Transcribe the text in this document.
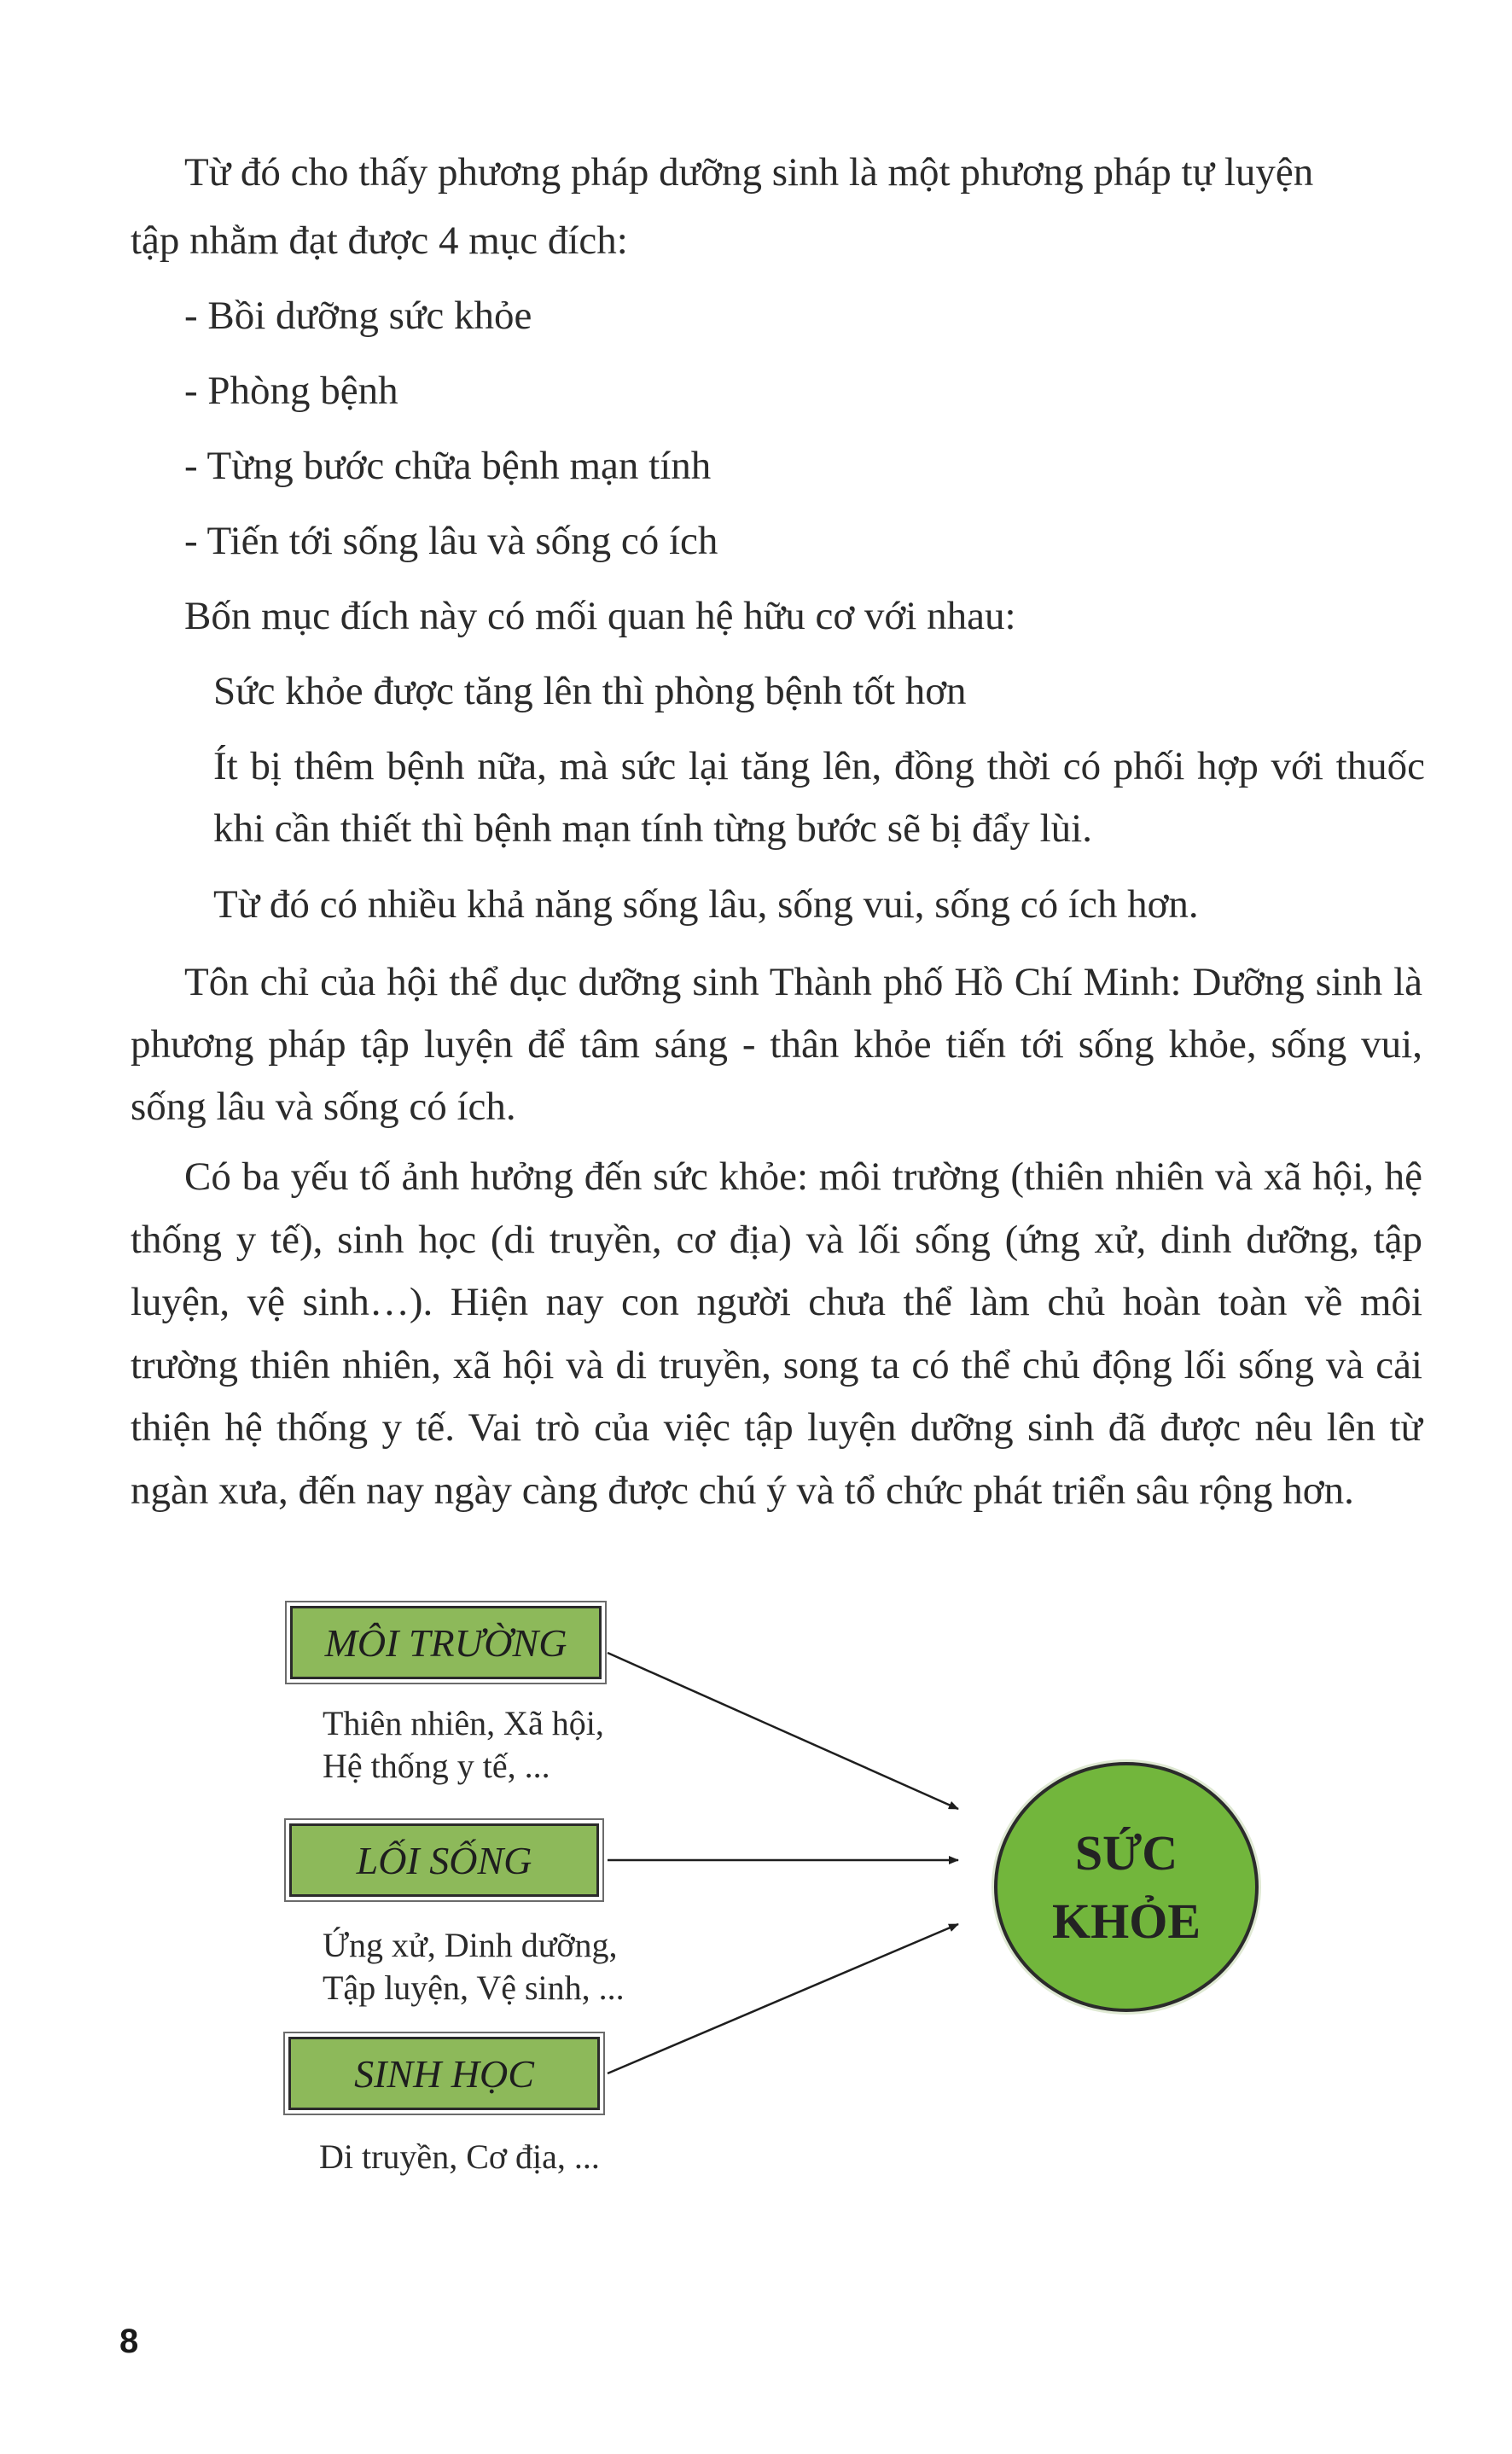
Từ đó cho thấy phương pháp dưỡng sinh là một phương pháp tự luyện

tập nhằm đạt được 4 mục đích:

- Bồi dưỡng sức khỏe

- Phòng bệnh

- Từng bước chữa bệnh mạn tính

- Tiến tới sống lâu và sống có ích

Bốn mục đích này có mối quan hệ hữu cơ với nhau:

Sức khỏe được tăng lên thì phòng bệnh tốt hơn

Ít bị thêm bệnh nữa, mà sức lại tăng lên, đồng thời có phối hợp với thuốc khi cần thiết thì bệnh mạn tính từng bước sẽ bị đẩy lùi.

Từ đó có nhiều khả năng sống lâu, sống vui, sống có ích hơn.

Tôn chỉ của hội thể dục dưỡng sinh Thành phố Hồ Chí Minh: Dưỡng sinh là phương pháp tập luyện để tâm sáng - thân khỏe tiến tới sống khỏe, sống vui, sống lâu và sống có ích.

Có ba yếu tố ảnh hưởng đến sức khỏe: môi trường (thiên nhiên và xã hội, hệ thống y tế), sinh học (di truyền, cơ địa) và lối sống (ứng xử, dinh dưỡng, tập luyện, vệ sinh…). Hiện nay con người chưa thể làm chủ hoàn toàn về môi trường thiên nhiên, xã hội và di truyền, song ta có thể chủ động lối sống và cải thiện hệ thống y tế. Vai trò của việc tập luyện dưỡng sinh đã được nêu lên từ ngàn xưa, đến nay ngày càng được chú ý và tổ chức phát triển sâu rộng hơn.

MÔI TRƯỜNG

Thiên nhiên, Xã hội,

Hệ thống y tế, ...

LỐI SỐNG

Ứng xử, Dinh dưỡng,

Tập luyện, Vệ sinh, ...

SINH HỌC

Di truyền, Cơ địa, ...

SỨC
KHỎE
8
